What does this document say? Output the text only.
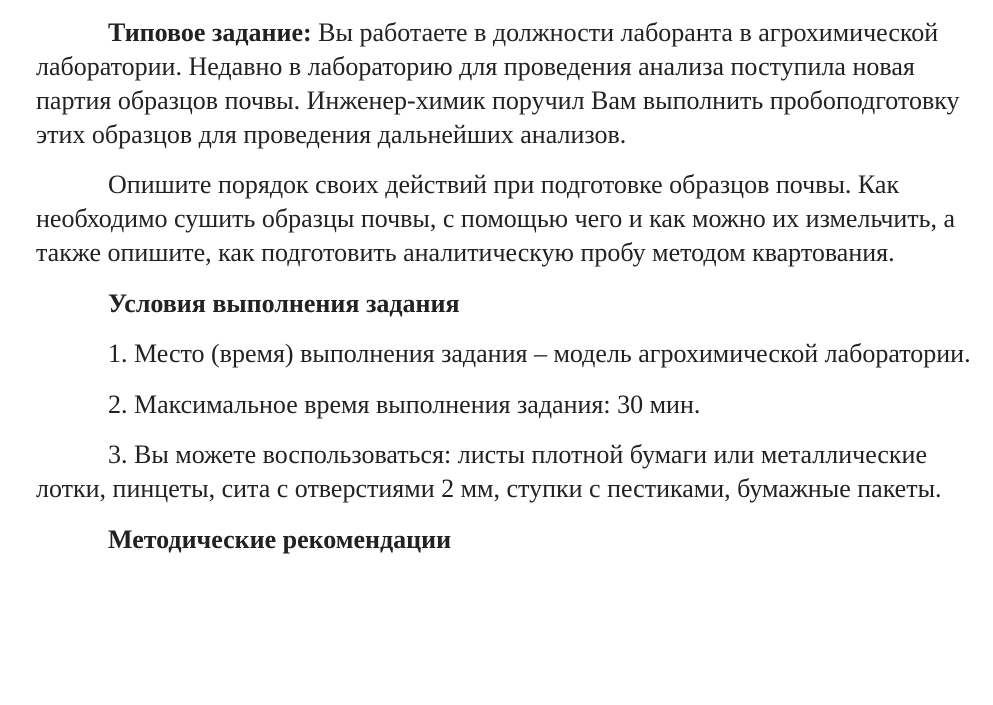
Типовое задание: Вы работаете в должности лаборанта в агрохимической лаборатории. Недавно в лабораторию для проведения анализа поступила новая партия образцов почвы. Инженер-химик поручил Вам выполнить пробоподготовку этих образцов для проведения дальнейших анализов.

Опишите порядок своих действий при подготовке образцов почвы. Как необходимо сушить образцы почвы, с помощью чего и как можно их измельчить, а также опишите, как подготовить аналитическую пробу методом квартования.

Условия выполнения задания

1. Место (время) выполнения задания – модель агрохимической лаборатории.

2. Максимальное время выполнения задания: 30 мин.

3. Вы можете воспользоваться: листы плотной бумаги или металлические лотки, пинцеты, сита с отверстиями 2 мм, ступки с пестиками, бумажные пакеты.

Методические рекомендации
